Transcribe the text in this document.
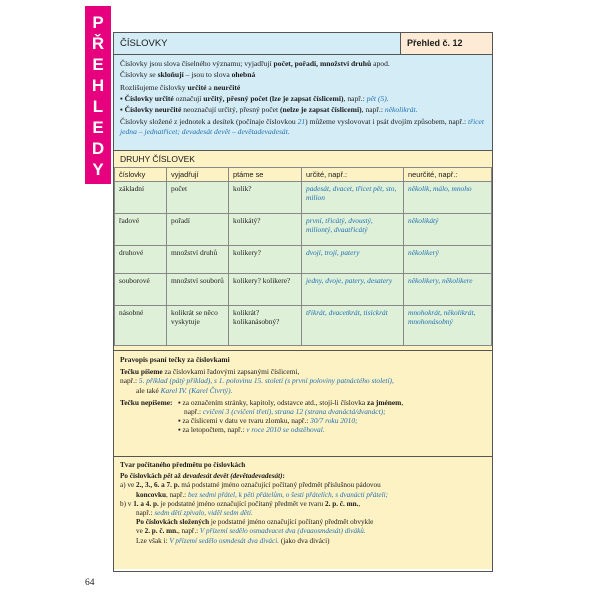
P
Ř
E
H
L
E
D
Y
ČÍSLOVKY	Přehled č. 12

Číslovky jsou slova číselného významu; vyjadřují počet, pořadí, množství druhů apod.

Číslovky se skloňují – jsou to slova ohebná

Rozlišujeme číslovky určité a neurčité

▪ Číslovky určité označují určitý, přesný počet (lze je zapsat číslicemi), např.: pět (5).

▪ Číslovky neurčité neoznačují určitý, přesný počet (nelze je zapsat číslicemi), např.: několikrát.

Číslovky složené z jednotek a desítek (počínaje číslovkou 21) můžeme vyslovovat i psát dvojím způsobem, např.: třicet jedna – jednatřicet; devadesát devět – devětadevadesát.

DRUHY ČÍSLOVEK
číslovky	vyjadřují	ptáme se	určité, např.:	neurčité, např.:
základní	počet	kolik?	padesát, dvacet, třicet pět, sto, milion	několik, málo, mnoho
řadové	pořadí	kolikátý?	první, třicátý, dvoustý, miliontý, dvaatřicátý	několikátý
druhové	množství druhů	kolikery?	dvojí, trojí, patery	několikerý
souborové	množství souborů	kolikery? kolikere?	jedny, dvoje, patery, desatery	několikery, několikere
násobné	kolikrát se něco vyskytuje	kolikrát? kolikanásobný?	třikrát, dvacetkrát, tisíckrát	mnohokrát, několikrát, mnohonásobný

Pravopis psaní tečky za číslovkami

Tečku píšeme za číslovkami řadovými zapsanými číslicemi,

např.: 5. příklad (pátý příklad), s 1. polovinu 15. století (s první poloviny patnáctého století),

ale také Karel IV. (Karel Čtvrtý).

Tečku nepíšeme: ▪ za označením stránky, kapitoly, odstavce atd., stojí-li číslovka za jménem,

např.: cvičení 3 (cvičení třetí), strana 12 (strana dvanáctá/dvanáct);

▪ za číslicemi v datu ve tvaru zlomku, např.: 30/7 roku 2010;

▪ za letopočtem, např.: v roce 2010 se odstěhoval.

Tvar počítaného předmětu po číslovkách

Po číslovkách pět až devadesát devět (devětadevadesát):

a) ve 2., 3., 6. a 7. p. má podstatné jméno označující počítaný předmět příslušnou pádovou

koncovku, např.: bez sedmi přátel, k pěti přátelům, o šesti přátelích, s dvanácti přáteli;

b) v 1. a 4. p. je podstatné jméno označující počítaný předmět ve tvaru 2. p. č. mn.,

např.: sedm dětí zpívalo, viděl sedm dětí.

Po číslovkách složených je podstatné jméno označující počítaný předmět obvykle

ve 2. p. č. mn., např.: V přízemí sedělo osmadvacet dva (dvaaosmdesát) diváků.

Lze však i: V přízemí sedělo osmdesát dva diváci. (jako dva diváci)

64
